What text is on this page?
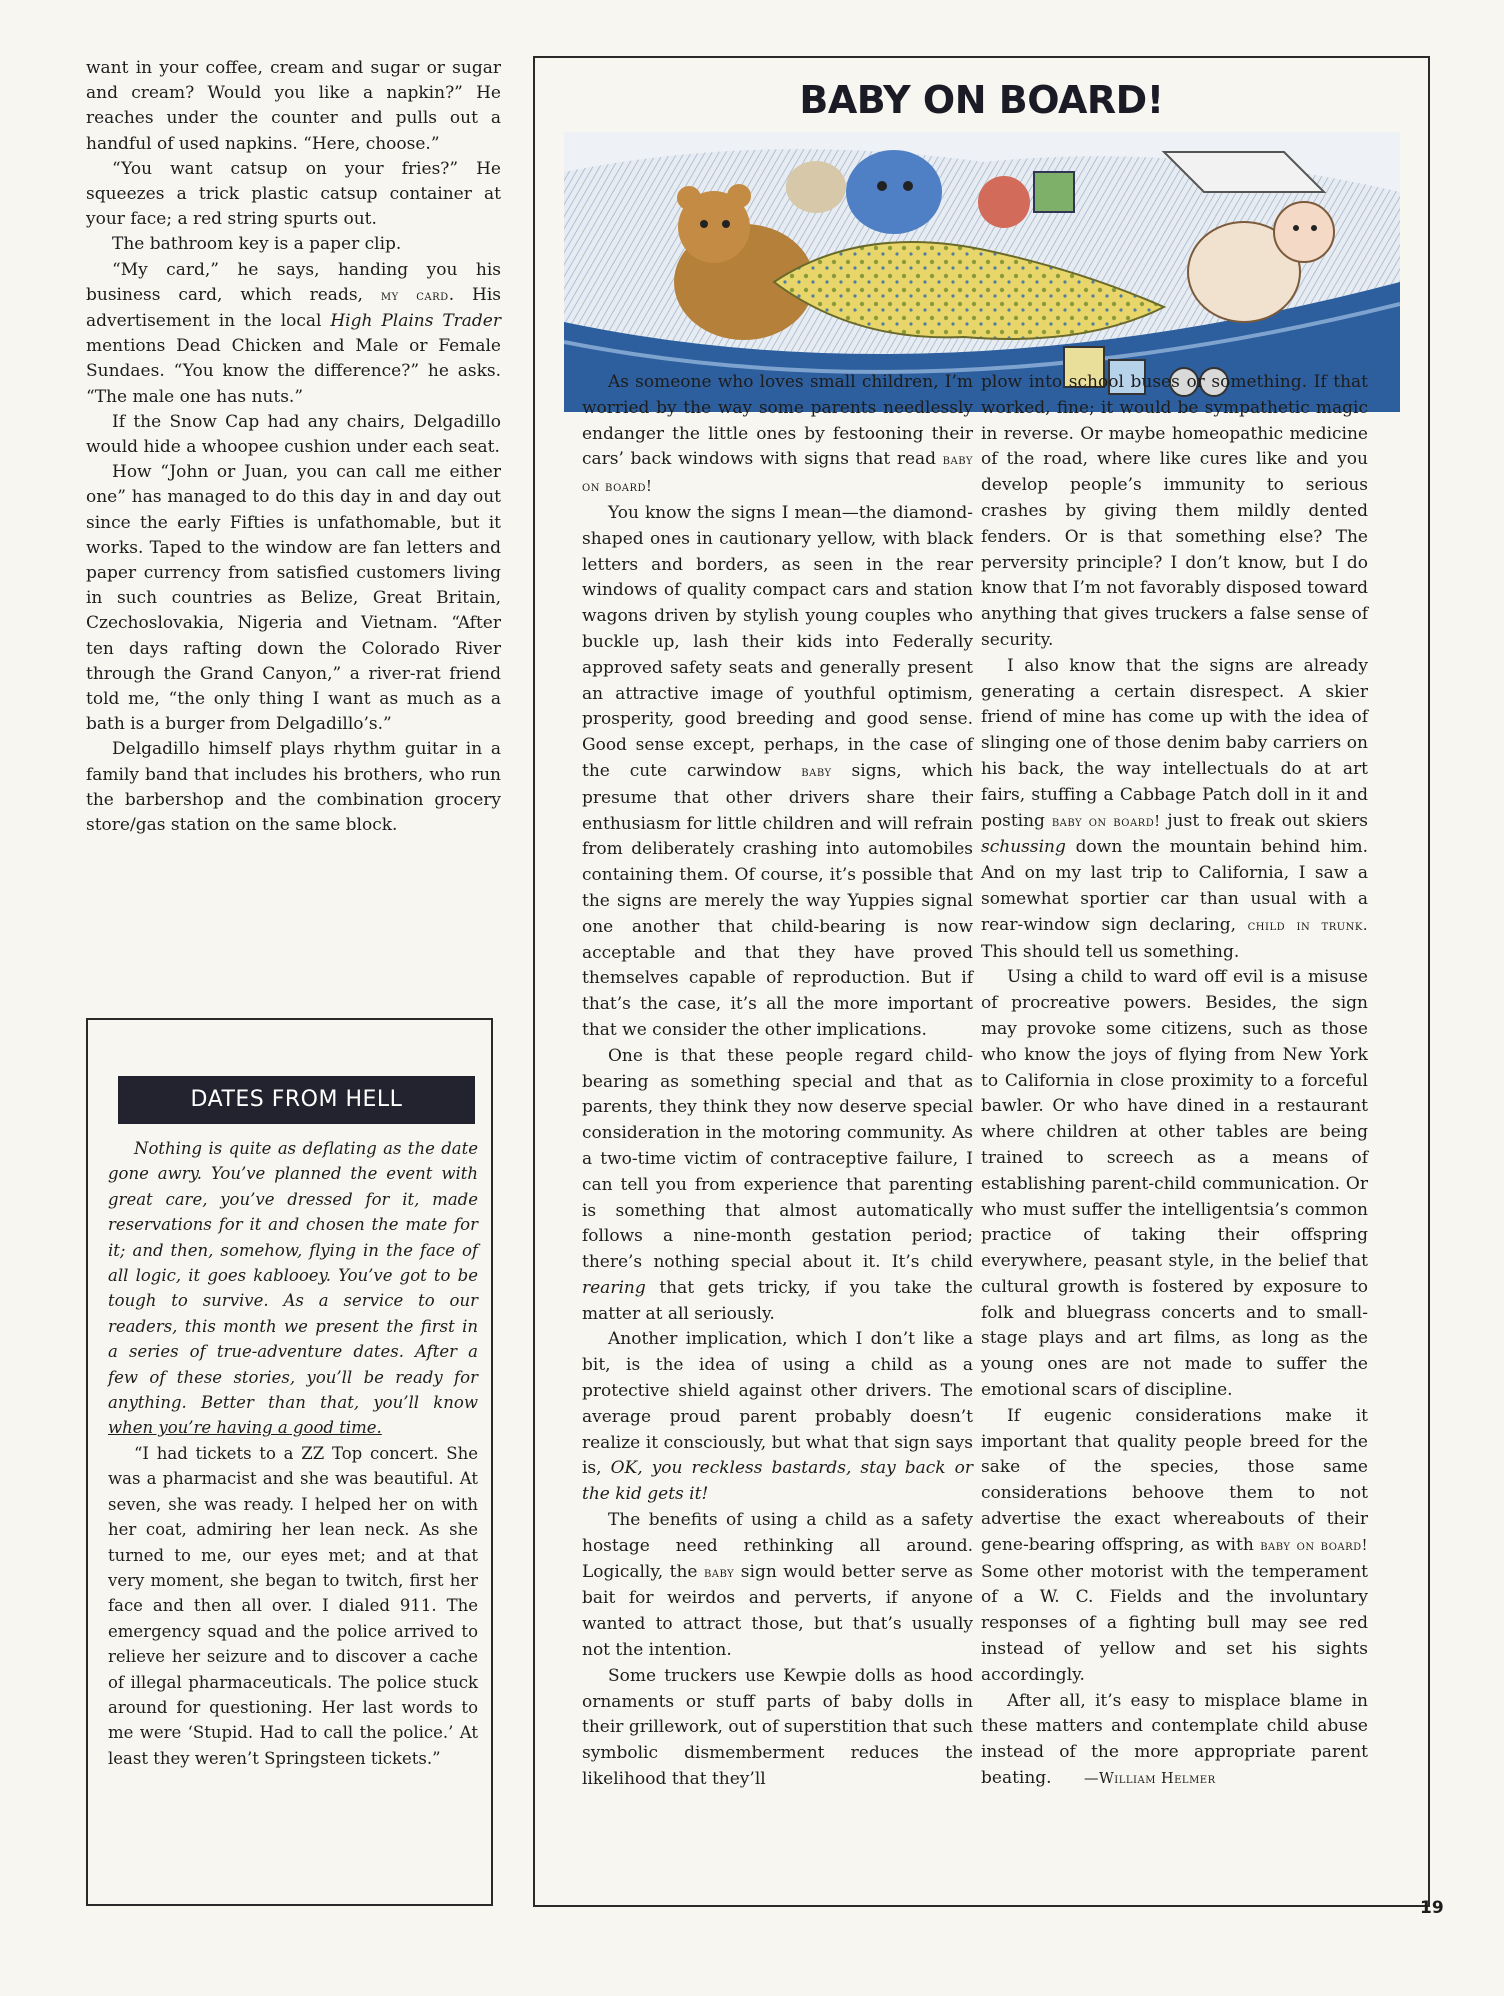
want in your coffee, cream and sugar or sugar and cream? Would you like a napkin?” He reaches under the counter and pulls out a handful of used napkins. “Here, choose.”

“You want catsup on your fries?” He squeezes a trick plastic catsup container at your face; a red string spurts out.

The bathroom key is a paper clip.

“My card,” he says, handing you his business card, which reads, my card. His advertisement in the local High Plains Trader mentions Dead Chicken and Male or Female Sundaes. “You know the difference?” he asks. “The male one has nuts.”

If the Snow Cap had any chairs, Delgadillo would hide a whoopee cushion under each seat.

How “John or Juan, you can call me either one” has managed to do this day in and day out since the early Fifties is unfathomable, but it works. Taped to the window are fan letters and paper currency from satisfied customers living in such countries as Belize, Great Britain, Czechoslovakia, Nigeria and Vietnam. “After ten days rafting down the Colorado River through the Grand Canyon,” a river-rat friend told me, “the only thing I want as much as a bath is a burger from Delgadillo’s.”

Delgadillo himself plays rhythm guitar in a family band that includes his brothers, who run the barbershop and the combination grocery store/gas station on the same block.

DATES FROM HELL

Nothing is quite as deflating as the date gone awry. You’ve planned the event with great care, you’ve dressed for it, made reservations for it and chosen the mate for it; and then, somehow, flying in the face of all logic, it goes kablooey. You’ve got to be tough to survive. As a service to our readers, this month we present the first in a series of true-adventure dates. After a few of these stories, you’ll be ready for anything. Better than that, you’ll know when you’re having a good time.

“I had tickets to a ZZ Top concert. She was a pharmacist and she was beautiful. At seven, she was ready. I helped her on with her coat, admiring her lean neck. As she turned to me, our eyes met; and at that very moment, she began to twitch, first her face and then all over. I dialed 911. The emergency squad and the police arrived to relieve her seizure and to discover a cache of illegal pharmaceuticals. The police stuck around for questioning. Her last words to me were ‘Stupid. Had to call the police.’ At least they weren’t Springsteen tickets.”

BABY ON BOARD!

As someone who loves small children, I’m worried by the way some parents needlessly endanger the little ones by festooning their cars’ back windows with signs that read baby on board!

You know the signs I mean—the diamond-shaped ones in cautionary yellow, with black letters and borders, as seen in the rear windows of quality compact cars and station wagons driven by stylish young couples who buckle up, lash their kids into Federally approved safety seats and generally present an attractive image of youthful optimism, prosperity, good breeding and good sense. Good sense except, perhaps, in the case of the cute carwindow baby signs, which presume that other drivers share their enthusiasm for little children and will refrain from deliberately crashing into automobiles containing them. Of course, it’s possible that the signs are merely the way Yuppies signal one another that child-bearing is now acceptable and that they have proved themselves capable of reproduction. But if that’s the case, it’s all the more important that we consider the other implications.

One is that these people regard child-bearing as something special and that as parents, they think they now deserve special consideration in the motoring community. As a two-time victim of contraceptive failure, I can tell you from experience that parenting is something that almost automatically follows a nine-month gestation period; there’s nothing special about it. It’s child rearing that gets tricky, if you take the matter at all seriously.

Another implication, which I don’t like a bit, is the idea of using a child as a protective shield against other drivers. The average proud parent probably doesn’t realize it consciously, but what that sign says is, OK, you reckless bastards, stay back or the kid gets it!

The benefits of using a child as a safety hostage need rethinking all around. Logically, the baby sign would better serve as bait for weirdos and perverts, if anyone wanted to attract those, but that’s usually not the intention.

Some truckers use Kewpie dolls as hood ornaments or stuff parts of baby dolls in their grillework, out of superstition that such symbolic dismemberment reduces the likelihood that they’ll

plow into school buses or something. If that worked, fine; it would be sympathetic magic in reverse. Or maybe homeopathic medicine of the road, where like cures like and you develop people’s immunity to serious crashes by giving them mildly dented fenders. Or is that something else? The perversity principle? I don’t know, but I do know that I’m not favorably disposed toward anything that gives truckers a false sense of security.

I also know that the signs are already generating a certain disrespect. A skier friend of mine has come up with the idea of slinging one of those denim baby carriers on his back, the way intellectuals do at art fairs, stuffing a Cabbage Patch doll in it and posting baby on board! just to freak out skiers schussing down the mountain behind him. And on my last trip to California, I saw a somewhat sportier car than usual with a rear-window sign declaring, child in trunk. This should tell us something.

Using a child to ward off evil is a misuse of procreative powers. Besides, the sign may provoke some citizens, such as those who know the joys of flying from New York to California in close proximity to a forceful bawler. Or who have dined in a restaurant where children at other tables are being trained to screech as a means of establishing parent-child communication. Or who must suffer the intelligentsia’s common practice of taking their offspring everywhere, peasant style, in the belief that cultural growth is fostered by exposure to folk and bluegrass concerts and to small-stage plays and art films, as long as the young ones are not made to suffer the emotional scars of discipline.

If eugenic considerations make it important that quality people breed for the sake of the species, those same considerations behoove them to not advertise the exact whereabouts of their gene-bearing offspring, as with baby on board! Some other motorist with the temperament of a W. C. Fields and the involuntary responses of a fighting bull may see red instead of yellow and set his sights accordingly.

After all, it’s easy to misplace blame in these matters and contemplate child abuse instead of the more appropriate parent beating. —William Helmer

19
